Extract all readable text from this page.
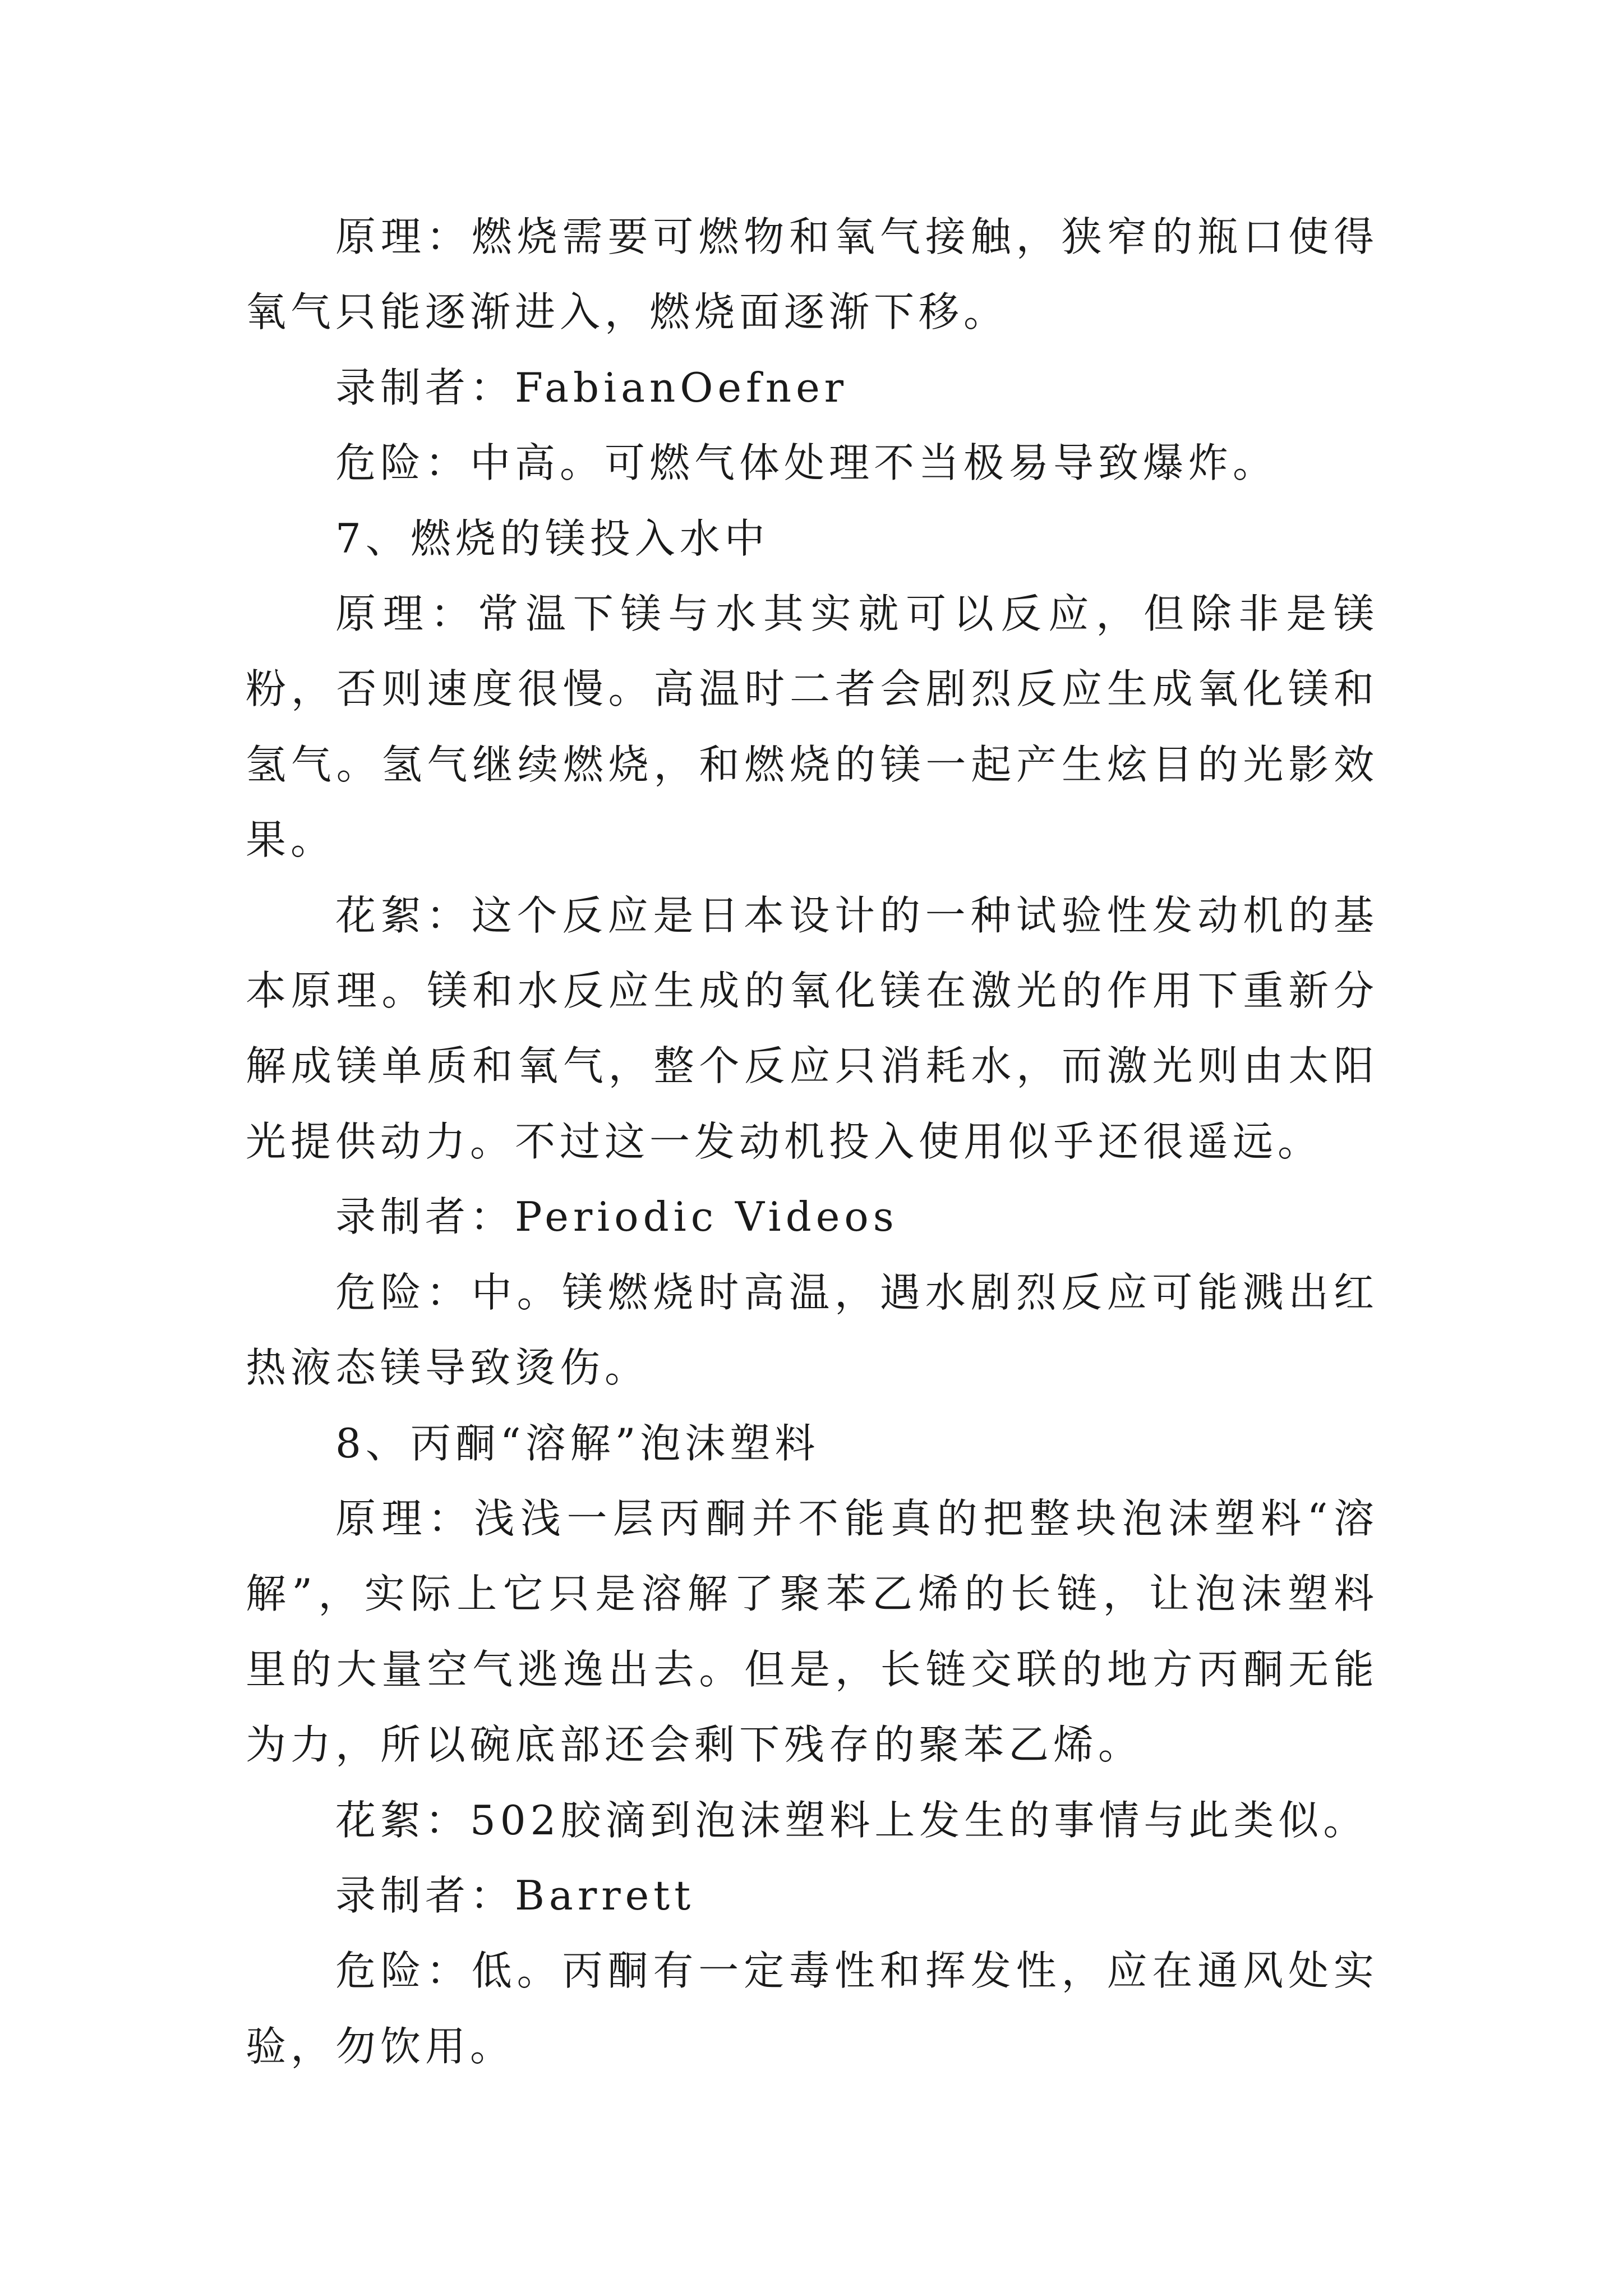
原理：燃烧需要可燃物和氧气接触，狭窄的瓶口使得氧气只能逐渐进入，燃烧面逐渐下移。

录制者：FabianOefner

危险：中高。可燃气体处理不当极易导致爆炸。

7、燃烧的镁投入水中

原理：常温下镁与水其实就可以反应，但除非是镁粉，否则速度很慢。高温时二者会剧烈反应生成氧化镁和氢气。氢气继续燃烧，和燃烧的镁一起产生炫目的光影效果。

花絮：这个反应是日本设计的一种试验性发动机的基本原理。镁和水反应生成的氧化镁在激光的作用下重新分解成镁单质和氧气，整个反应只消耗水，而激光则由太阳光提供动力。不过这一发动机投入使用似乎还很遥远。

录制者：Periodic Videos

危险：中。镁燃烧时高温，遇水剧烈反应可能溅出红热液态镁导致烫伤。

8、丙酮“溶解”泡沫塑料

原理：浅浅一层丙酮并不能真的把整块泡沫塑料“溶解”，实际上它只是溶解了聚苯乙烯的长链，让泡沫塑料里的大量空气逃逸出去。但是，长链交联的地方丙酮无能为力，所以碗底部还会剩下残存的聚苯乙烯。

花絮：502胶滴到泡沫塑料上发生的事情与此类似。

录制者：Barrett

危险：低。丙酮有一定毒性和挥发性，应在通风处实验，勿饮用。
